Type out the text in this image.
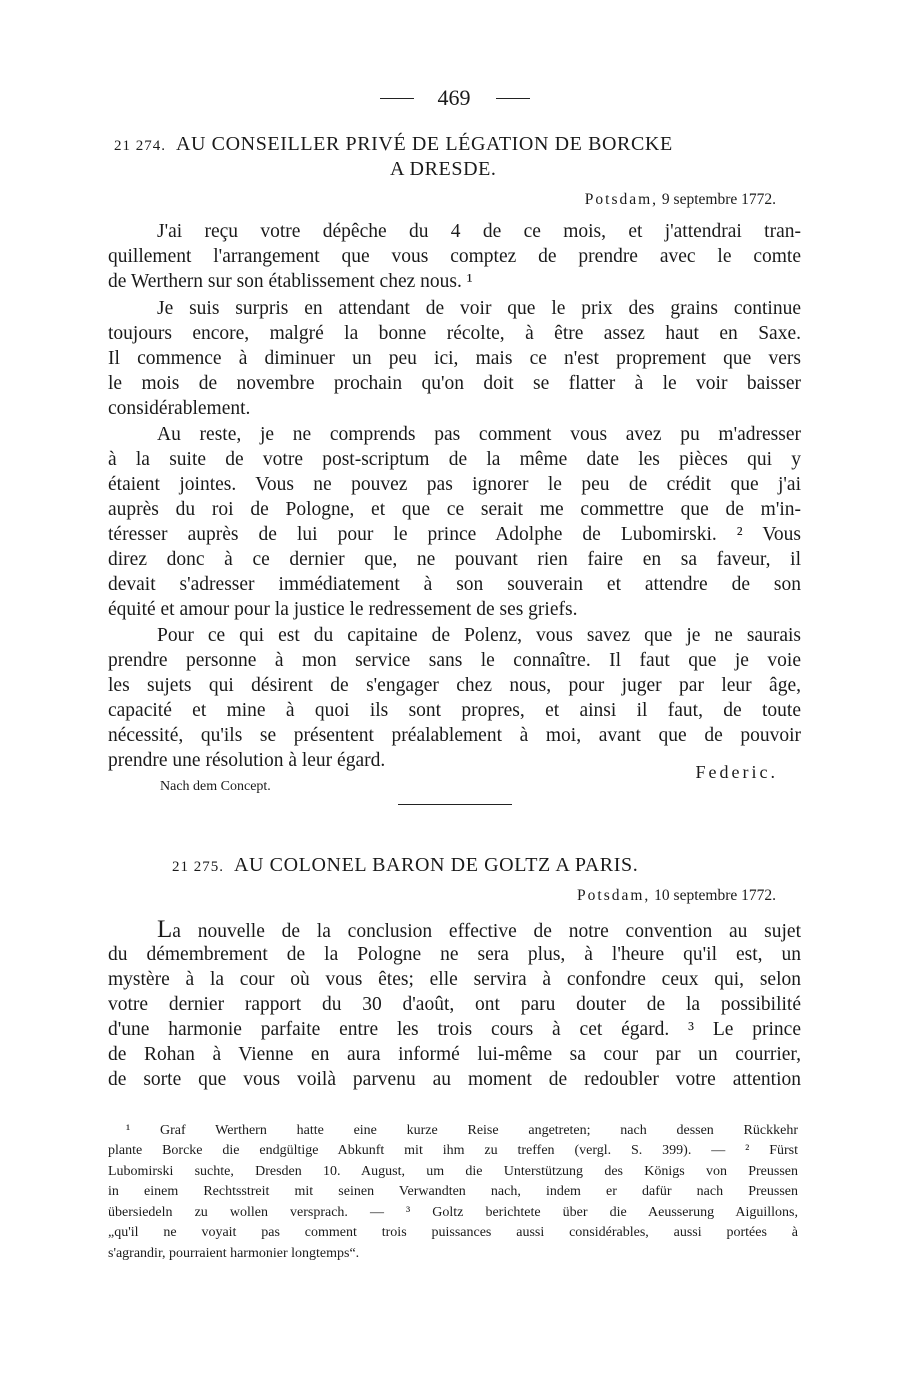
469
21 274. AU CONSEILLER PRIVÉ DE LÉGATION DE BORCKE
A DRESDE.
Potsdam, 9 septembre 1772.
J'ai reçu votre dépêche du 4 de ce mois, et j'attendrai tran-
quillement l'arrangement que vous comptez de prendre avec le comte
de Werthern sur son établissement chez nous. ¹
Je suis surpris en attendant de voir que le prix des grains continue
toujours encore, malgré la bonne récolte, à être assez haut en Saxe.
Il commence à diminuer un peu ici, mais ce n'est proprement que vers
le mois de novembre prochain qu'on doit se flatter à le voir baisser
considérablement.
Au reste, je ne comprends pas comment vous avez pu m'adresser
à la suite de votre post-scriptum de la même date les pièces qui y
étaient jointes. Vous ne pouvez pas ignorer le peu de crédit que j'ai
auprès du roi de Pologne, et que ce serait me commettre que de m'in-
téresser auprès de lui pour le prince Adolphe de Lubomirski. ² Vous
direz donc à ce dernier que, ne pouvant rien faire en sa faveur, il
devait s'adresser immédiatement à son souverain et attendre de son
équité et amour pour la justice le redressement de ses griefs.
Pour ce qui est du capitaine de Polenz, vous savez que je ne saurais
prendre personne à mon service sans le connaître. Il faut que je voie
les sujets qui désirent de s'engager chez nous, pour juger par leur âge,
capacité et mine à quoi ils sont propres, et ainsi il faut, de toute
nécessité, qu'ils se présentent préalablement à moi, avant que de pouvoir
prendre une résolution à leur égard.
Federic.
Nach dem Concept.
21 275. AU COLONEL BARON DE GOLTZ A PARIS.
Potsdam, 10 septembre 1772.
La nouvelle de la conclusion effective de notre convention au sujet
du démembrement de la Pologne ne sera plus, à l'heure qu'il est, un
mystère à la cour où vous êtes; elle servira à confondre ceux qui, selon
votre dernier rapport du 30 d'août, ont paru douter de la possibilité
d'une harmonie parfaite entre les trois cours à cet égard. ³ Le prince
de Rohan à Vienne en aura informé lui-même sa cour par un courrier,
de sorte que vous voilà parvenu au moment de redoubler votre attention
¹ Graf Werthern hatte eine kurze Reise angetreten; nach dessen Rückkehr
plante Borcke die endgültige Abkunft mit ihm zu treffen (vergl. S. 399). — ² Fürst
Lubomirski suchte, Dresden 10. August, um die Unterstützung des Königs von Preussen
in einem Rechtsstreit mit seinen Verwandten nach, indem er dafür nach Preussen
übersiedeln zu wollen versprach. — ³ Goltz berichtete über die Aeusserung Aiguillons,
„qu'il ne voyait pas comment trois puissances aussi considérables, aussi portées à
s'agrandir, pourraient harmonier longtemps“.
